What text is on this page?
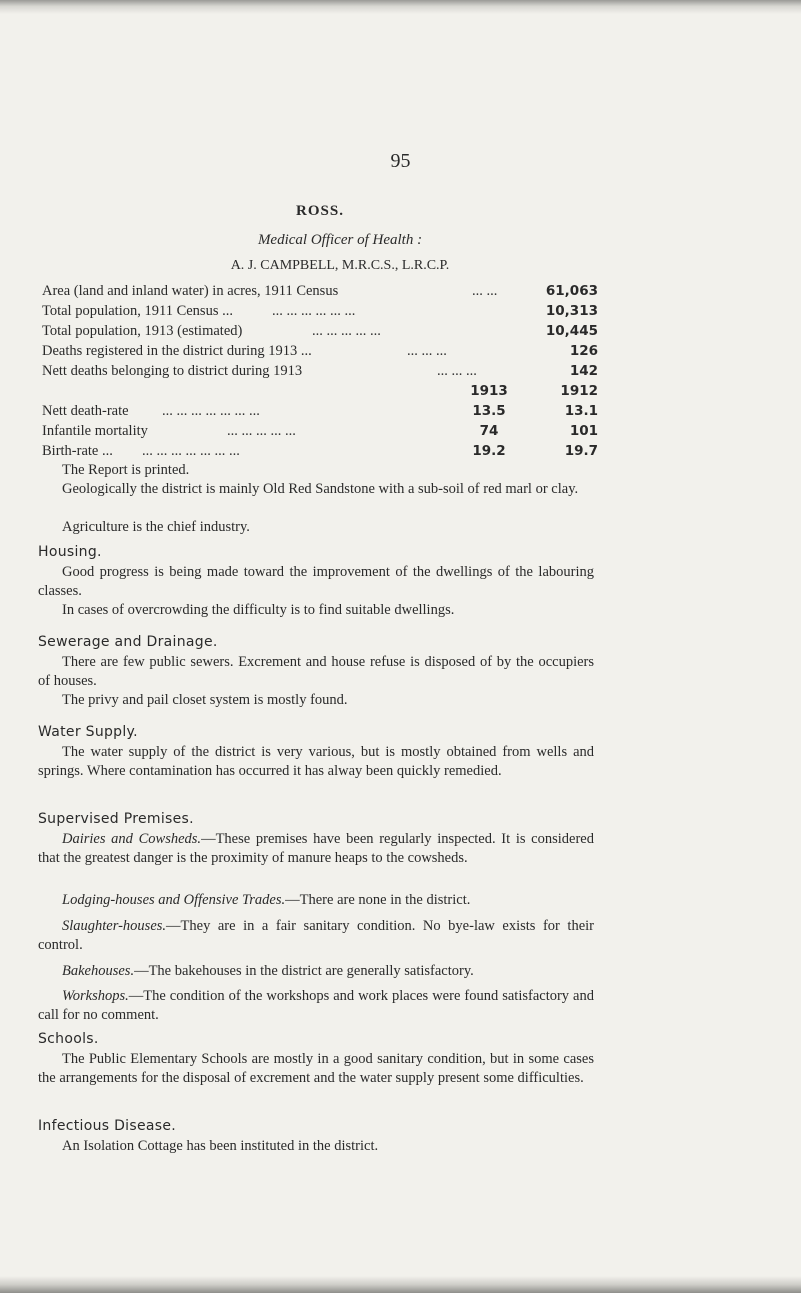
95
ROSS.
Medical Officer of Health :
A. J. CAMPBELL, M.R.C.S., L.R.C.P.
Area (land and inland water) in acres, 1911 Census	... ...	61,063
Total population, 1911 Census ...	... ... ... ... ... ...	10,313
Total population, 1913 (estimated)	... ... ... ... ...	10,445
Deaths registered in the district during 1913 ...	... ... ...	126
Nett deaths belonging to district during 1913	... ... ...	142
1913	1912
Nett death-rate ... ... ... ... ... ... ...	13.5	13.1
Infantile mortality	... ... ... ... ...	74	101
Birth-rate ... ... ... ... ... ... ... ...	19.2	19.7
The Report is printed.
Geologically the district is mainly Old Red Sandstone with a sub-soil of red marl or clay.
Agriculture is the chief industry.
Housing.
Good progress is being made toward the improvement of the dwellings of the labouring classes.
In cases of overcrowding the difficulty is to find suitable dwellings.
Sewerage and Drainage.
There are few public sewers. Excrement and house refuse is disposed of by the occupiers of houses.
The privy and pail closet system is mostly found.
Water Supply.
The water supply of the district is very various, but is mostly obtained from wells and springs. Where contamination has occurred it has alway been quickly remedied.
Supervised Premises.
Dairies and Cowsheds.—These premises have been regularly inspected. It is considered that the greatest danger is the proximity of manure heaps to the cowsheds.
Lodging-houses and Offensive Trades.—There are none in the district.
Slaughter-houses.—They are in a fair sanitary condition. No bye-law exists for their control.
Bakehouses.—The bakehouses in the district are generally satisfactory.
Workshops.—The condition of the workshops and work places were found satisfactory and call for no comment.
Schools.
The Public Elementary Schools are mostly in a good sanitary condition, but in some cases the arrangements for the disposal of excrement and the water supply present some difficulties.
Infectious Disease.
An Isolation Cottage has been instituted in the district.
